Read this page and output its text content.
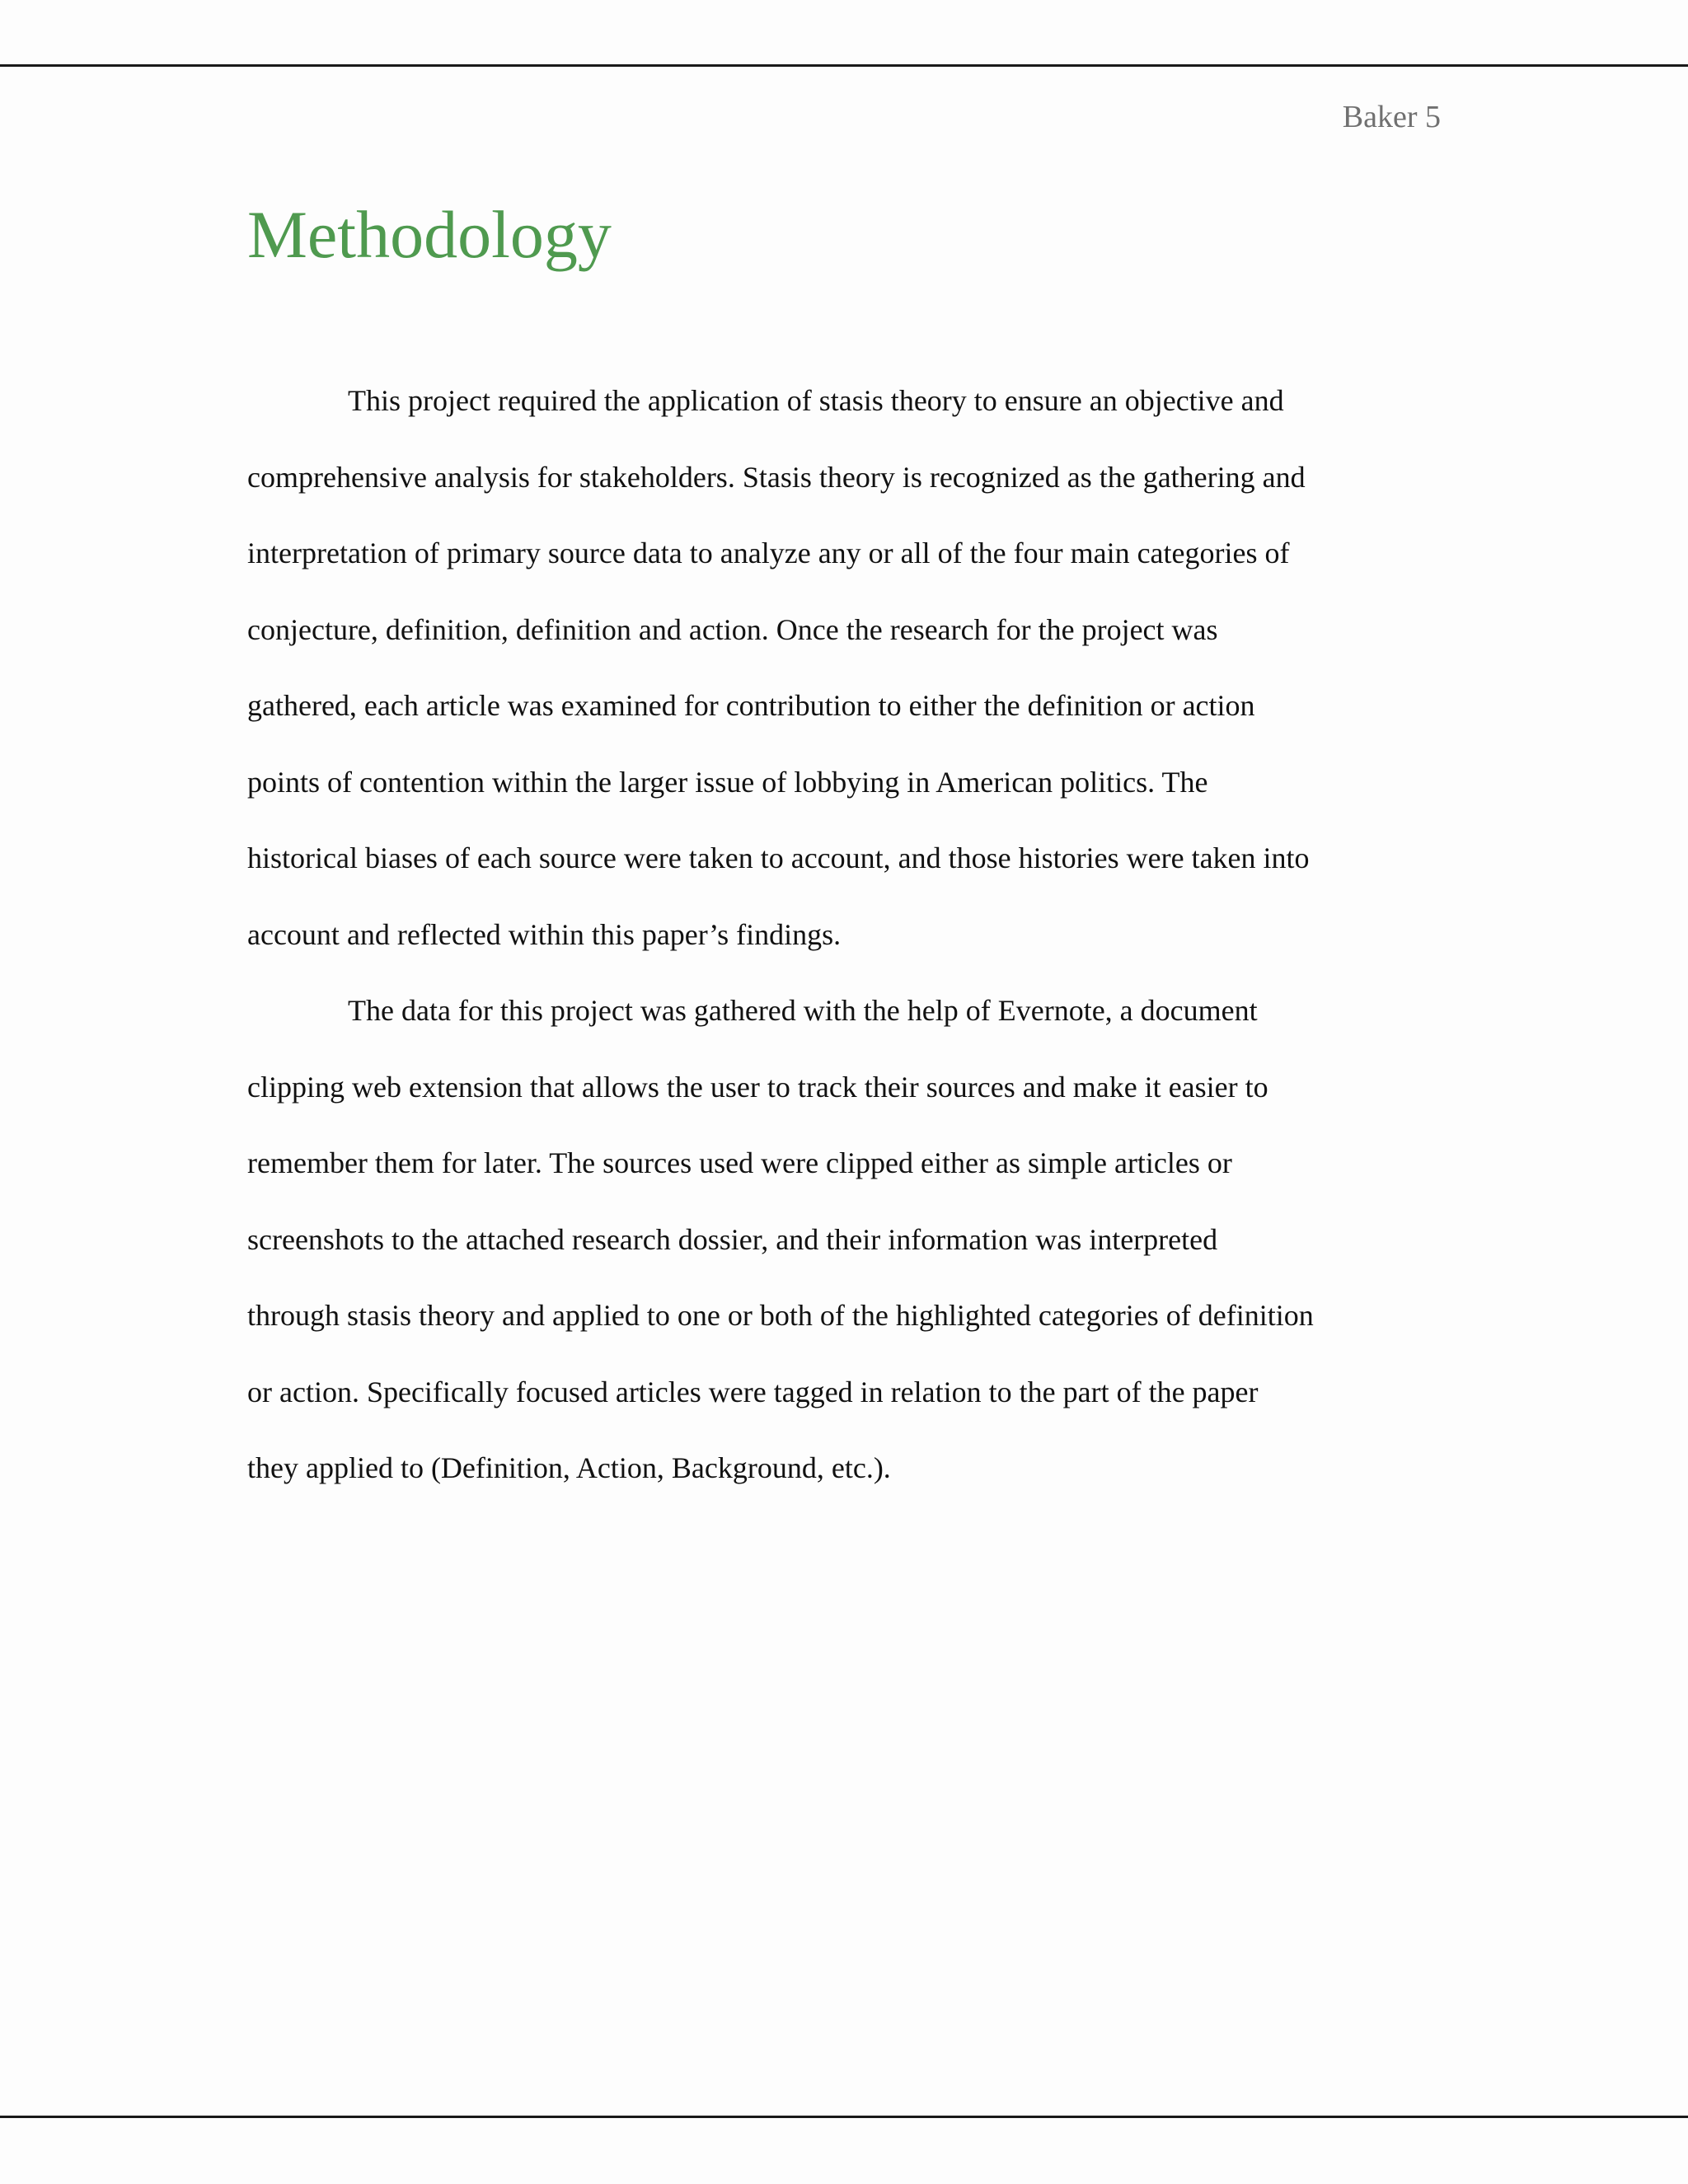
Baker 5
Methodology
This project required the application of stasis theory to ensure an objective and
comprehensive analysis for stakeholders. Stasis theory is recognized as the gathering and
interpretation of primary source data to analyze any or all of the four main categories of
conjecture, definition, definition and action. Once the research for the project was
gathered, each article was examined for contribution to either the definition or action
points of contention within the larger issue of lobbying in American politics. The
historical biases of each source were taken to account, and those histories were taken into
account and reflected within this paper’s findings.
The data for this project was gathered with the help of Evernote, a document
clipping web extension that allows the user to track their sources and make it easier to
remember them for later. The sources used were clipped either as simple articles or
screenshots to the attached research dossier, and their information was interpreted
through stasis theory and applied to one or both of the highlighted categories of definition
or action. Specifically focused articles were tagged in relation to the part of the paper
they applied to (Definition, Action, Background, etc.).
